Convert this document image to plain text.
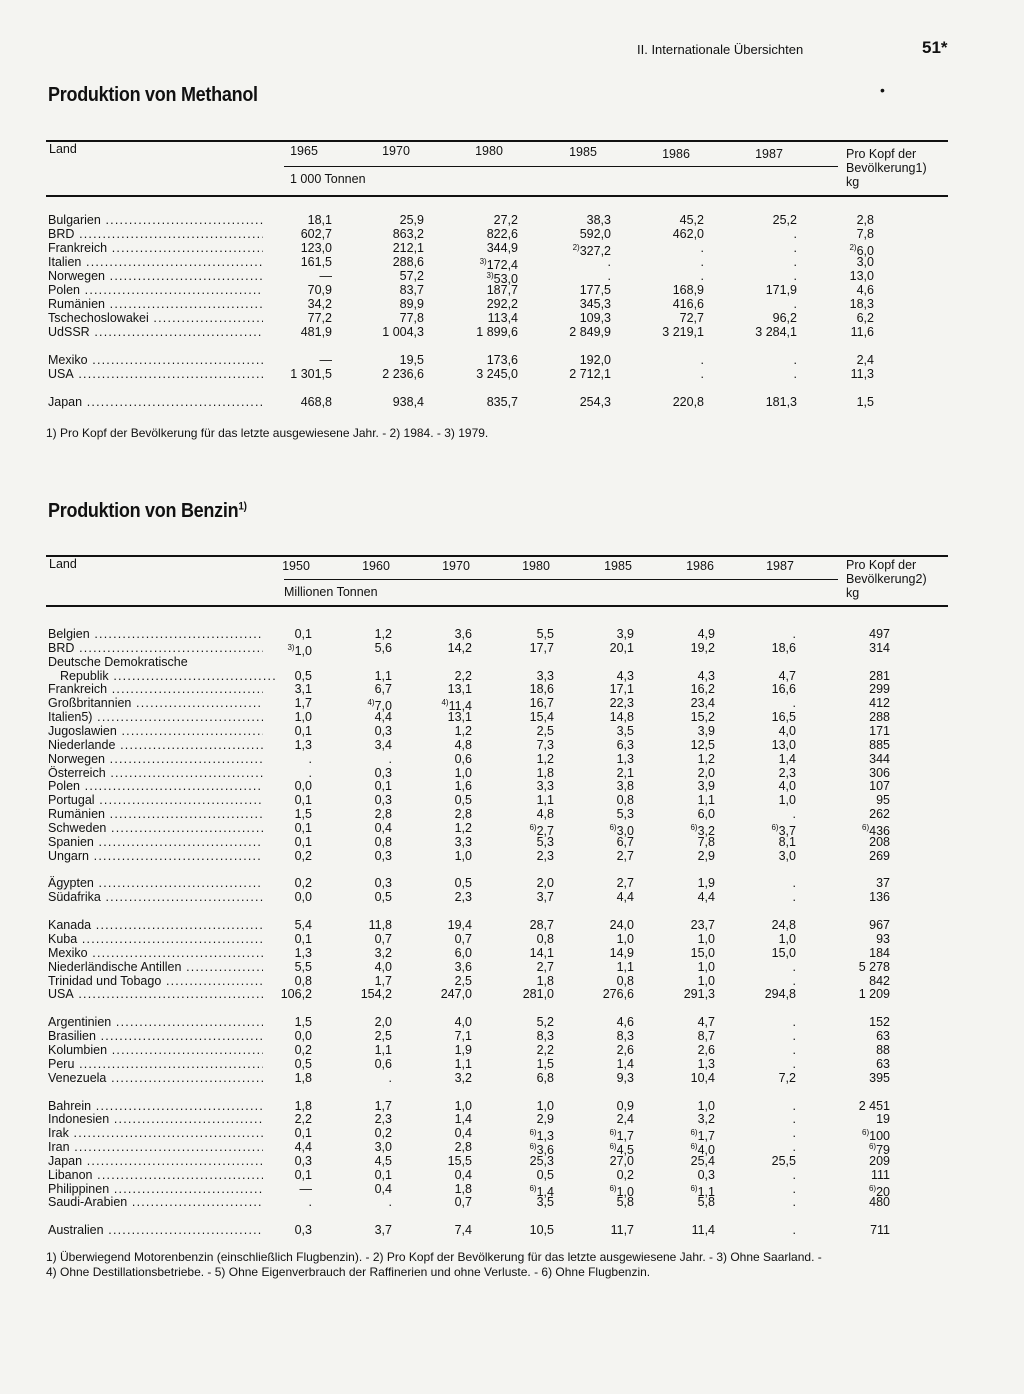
II. Internationale Übersichten	51*
•
Produktion von Methanol
Land	1965	1970	1980	1985	1986	1987	Pro Kopf der
Bevölkerung1)
kg
1 000 Tonnen
Bulgarien .....	18,1	25,9	27,2	38,3	45,2	25,2	2,8
BRD .....	602,7	863,2	822,6	592,0	462,0	.	7,8
Frankreich .....	123,0	212,1	344,9	$^{2)}$327,2	.	.	$^{2)}$6,0
Italien .....	161,5	288,6	$^{3)}$172,4	.	.	.	3,0
Norwegen .....	—	57,2	$^{3)}$53,0	.	.	.	13,0
Polen .....	70,9	83,7	187,7	177,5	168,9	171,9	4,6
Rumänien .....	34,2	89,9	292,2	345,3	416,6	.	18,3
Tschechoslowakei .....	77,2	77,8	113,4	109,3	72,7	96,2	6,2
UdSSR .....	481,9	1 004,3	1 899,6	2 849,9	3 219,1	3 284,1	11,6
Mexiko .....	—	19,5	173,6	192,0	.	.	2,4
USA .....	1 301,5	2 236,6	3 245,0	2 712,1	.	.	11,3
Japan .....	468,8	938,4	835,7	254,3	220,8	181,3	1,5
1) Pro Kopf der Bevölkerung für das letzte ausgewiesene Jahr. - 2) 1984. - 3) 1979.
Produktion von Benzin$^{1)}$
Land	1950	1960	1970	1980	1985	1986	1987	Pro Kopf der
Bevölkerung2)
kg
Millionen Tonnen
Belgien .....	0,1	1,2	3,6	5,5	3,9	4,9	.	497
BRD .....	$^{3)}$1,0	5,6	14,2	17,7	20,1	19,2	18,6	314
Deutsche Demokratische
Republik .....	0,5	1,1	2,2	3,3	4,3	4,3	4,7	281
Frankreich .....	3,1	6,7	13,1	18,6	17,1	16,2	16,6	299
Großbritannien .....	1,7	$^{4)}$7,0	$^{4)}$11,4	16,7	22,3	23,4	.	412
Italien5) .....	1,0	4,4	13,1	15,4	14,8	15,2	16,5	288
Jugoslawien .....	0,1	0,3	1,2	2,5	3,5	3,9	4,0	171
Niederlande .....	1,3	3,4	4,8	7,3	6,3	12,5	13,0	885
Norwegen .....	.	.	0,6	1,2	1,3	1,2	1,4	344
Österreich .....	.	0,3	1,0	1,8	2,1	2,0	2,3	306
Polen .....	0,0	0,1	1,6	3,3	3,8	3,9	4,0	107
Portugal .....	0,1	0,3	0,5	1,1	0,8	1,1	1,0	95
Rumänien .....	1,5	2,8	2,8	4,8	5,3	6,0	.	262
Schweden .....	0,1	0,4	1,2	$^{6)}$2,7	$^{6)}$3,0	$^{6)}$3,2	$^{6)}$3,7	$^{6)}$436
Spanien .....	0,1	0,8	3,3	5,3	6,7	7,8	8,1	208
Ungarn .....	0,2	0,3	1,0	2,3	2,7	2,9	3,0	269
Ägypten .....	0,2	0,3	0,5	2,0	2,7	1,9	.	37
Südafrika .....	0,0	0,5	2,3	3,7	4,4	4,4	.	136
Kanada .....	5,4	11,8	19,4	28,7	24,0	23,7	24,8	967
Kuba .....	0,1	0,7	0,7	0,8	1,0	1,0	1,0	93
Mexiko .....	1,3	3,2	6,0	14,1	14,9	15,0	15,0	184
Niederländische Antillen .....	5,5	4,0	3,6	2,7	1,1	1,0	.	5 278
Trinidad und Tobago .....	0,8	1,7	2,5	1,8	0,8	1,0	.	842
USA .....	106,2	154,2	247,0	281,0	276,6	291,3	294,8	1 209
Argentinien .....	1,5	2,0	4,0	5,2	4,6	4,7	.	152
Brasilien .....	0,0	2,5	7,1	8,3	8,3	8,7	.	63
Kolumbien .....	0,2	1,1	1,9	2,2	2,6	2,6	.	88
Peru .....	0,5	0,6	1,1	1,5	1,4	1,3	.	63
Venezuela .....	1,8	.	3,2	6,8	9,3	10,4	7,2	395
Bahrein .....	1,8	1,7	1,0	1,0	0,9	1,0	.	2 451
Indonesien .....	2,2	2,3	1,4	2,9	2,4	3,2	.	19
Irak .....	0,1	0,2	0,4	$^{6)}$1,3	$^{6)}$1,7	$^{6)}$1,7	.	$^{6)}$100
Iran .....	4,4	3,0	2,8	$^{6)}$3,6	$^{6)}$4,5	$^{6)}$4,0	.	$^{6)}$79
Japan .....	0,3	4,5	15,5	25,3	27,0	25,4	25,5	209
Libanon .....	0,1	0,1	0,4	0,5	0,2	0,3	.	111
Philippinen .....	—	0,4	1,8	$^{6)}$1,4	$^{6)}$1,0	$^{6)}$1,1	.	$^{6)}$20
Saudi-Arabien .....	.	.	0,7	3,5	5,8	5,8	.	480
Australien .....	0,3	3,7	7,4	10,5	11,7	11,4	.	711
1) Überwiegend Motorenbenzin (einschließlich Flugbenzin). - 2) Pro Kopf der Bevölkerung für das letzte ausgewiesene Jahr. - 3) Ohne Saarland. -
4) Ohne Destillationsbetriebe. - 5) Ohne Eigenverbrauch der Raffinerien und ohne Verluste. - 6) Ohne Flugbenzin.
